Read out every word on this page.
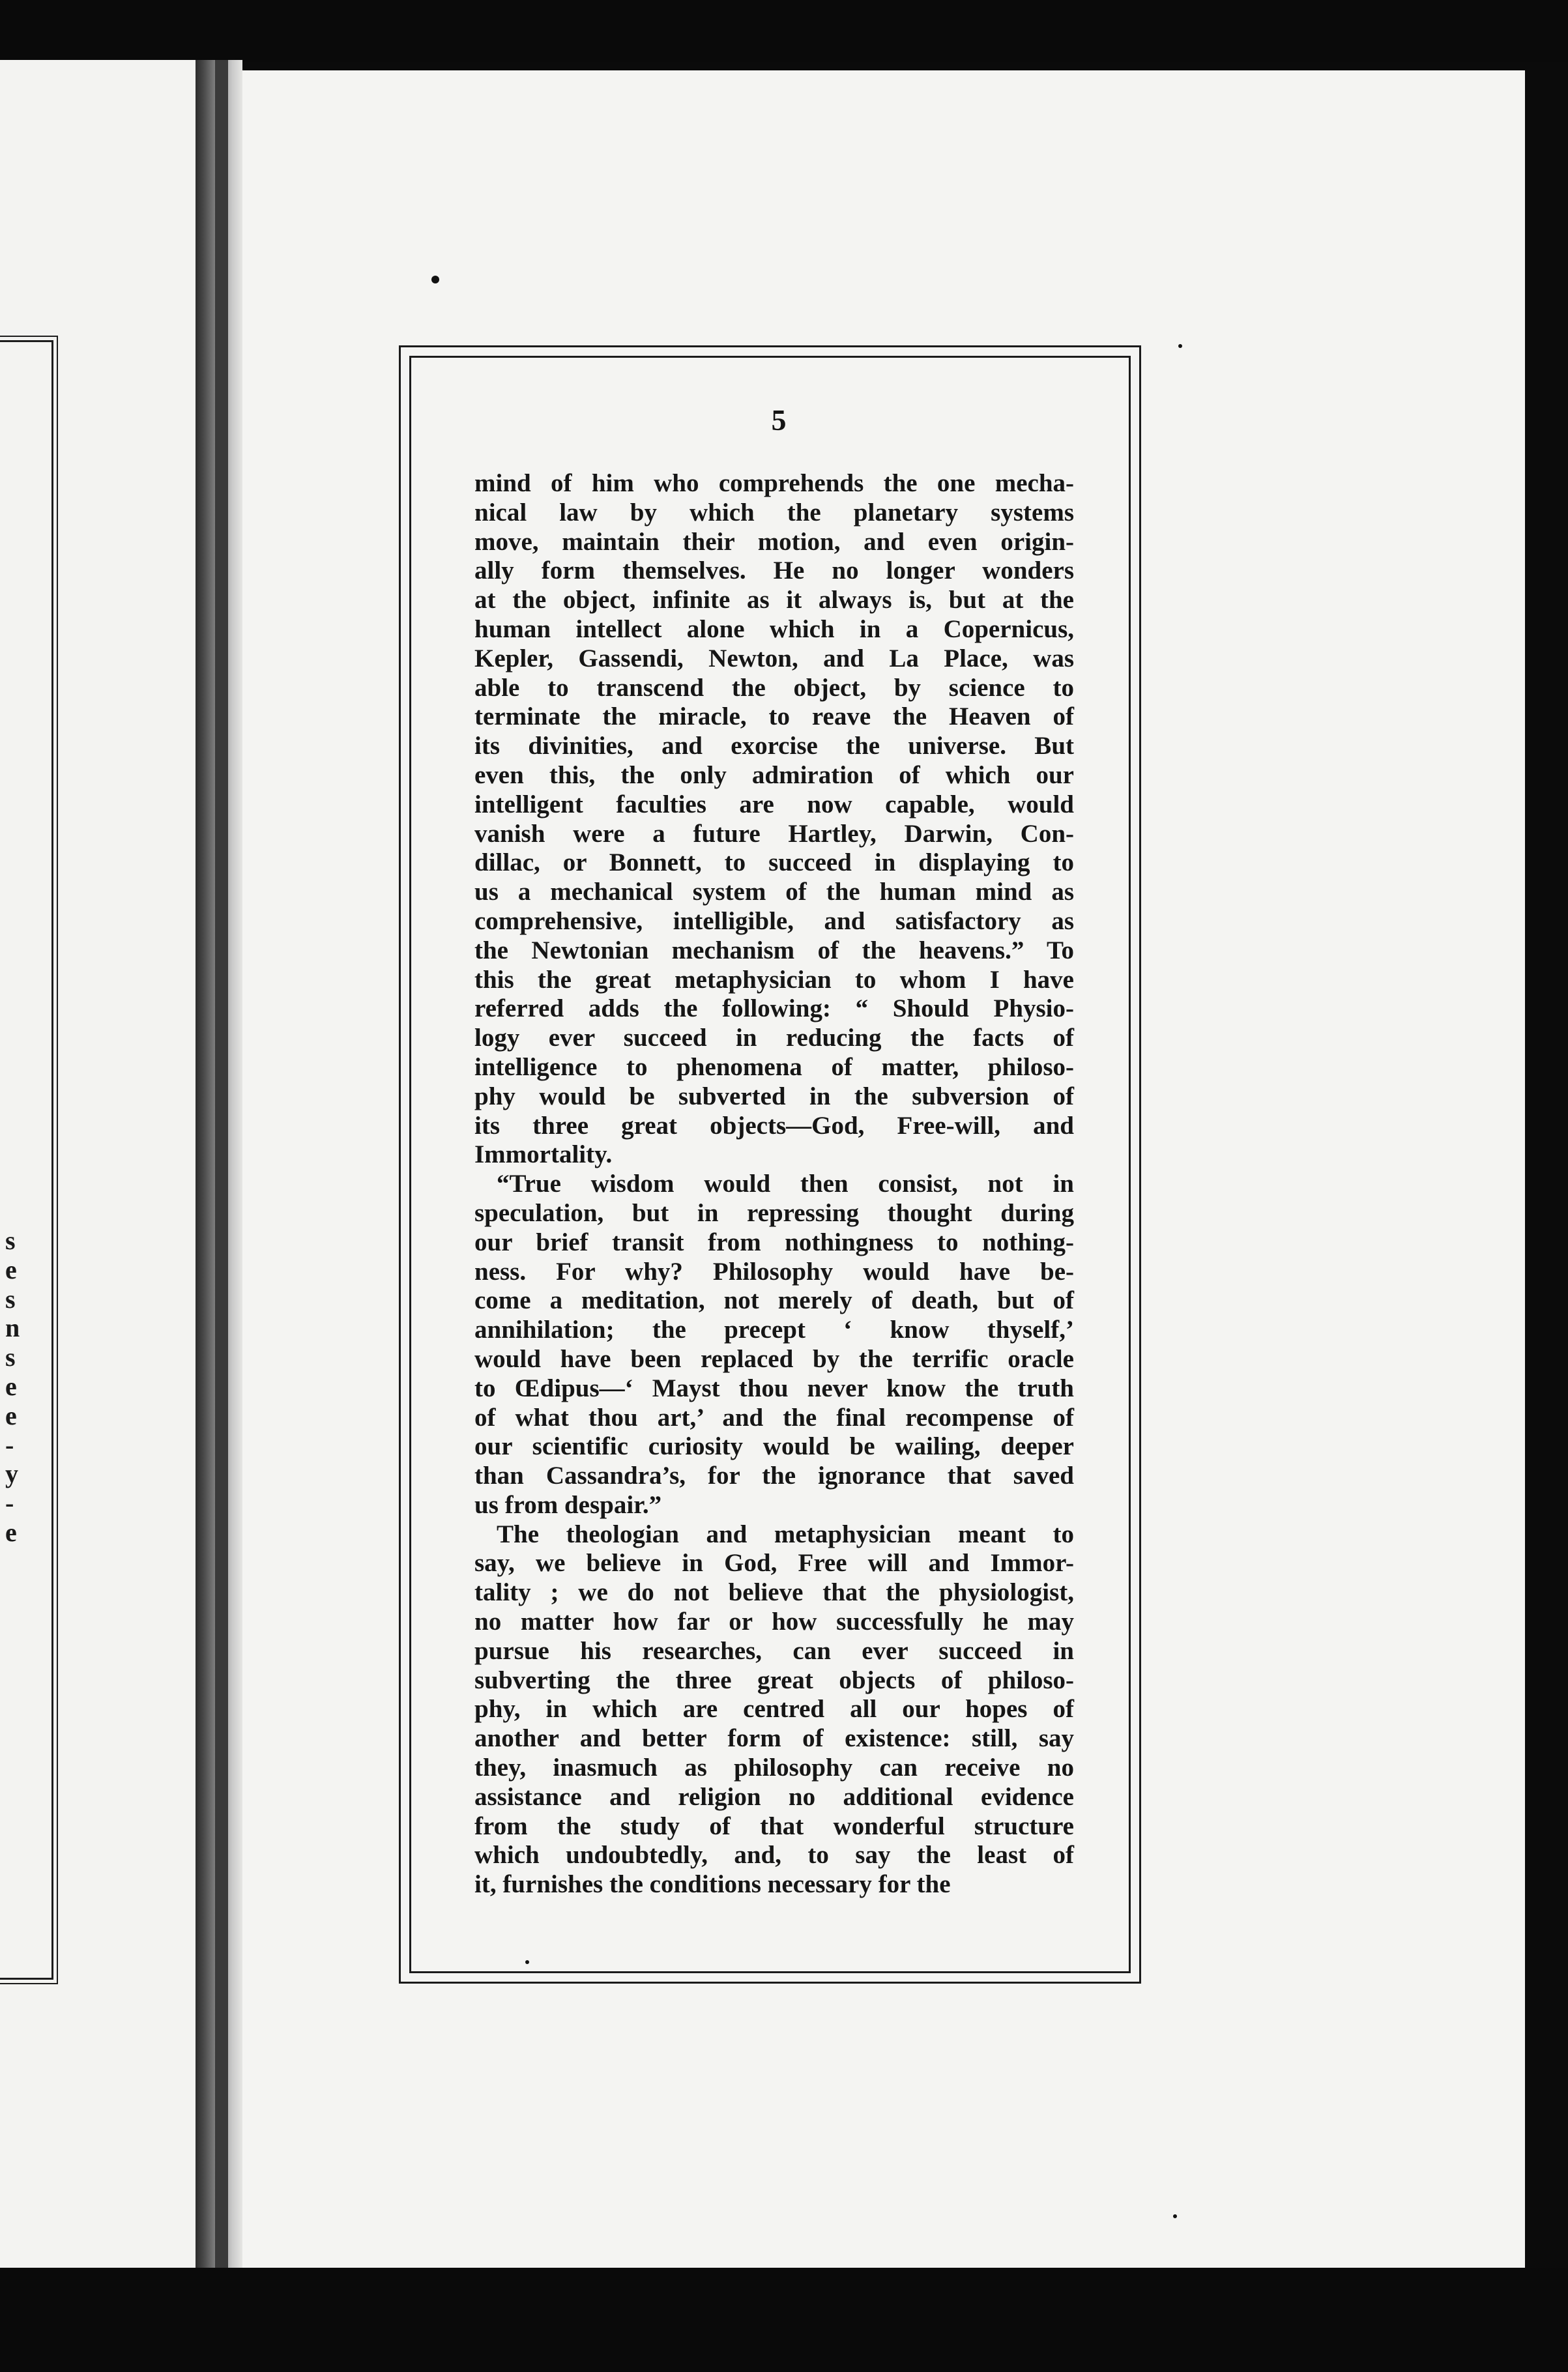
s
e
s
n
s
e
e
-
y
-
e

5

mind of him who comprehends the one mecha-
nical law by which the planetary systems
move, maintain their motion, and even origin-
ally form themselves. He no longer wonders
at the object, infinite as it always is, but at the
human intellect alone which in a Copernicus,
Kepler, Gassendi, Newton, and La Place, was
able to transcend the object, by science to
terminate the miracle, to reave the Heaven of
its divinities, and exorcise the universe. But
even this, the only admiration of which our
intelligent faculties are now capable, would
vanish were a future Hartley, Darwin, Con-
dillac, or Bonnett, to succeed in displaying to
us a mechanical system of the human mind as
comprehensive, intelligible, and satisfactory as
the Newtonian mechanism of the heavens.” To
this the great metaphysician to whom I have
referred adds the following: “ Should Physio-
logy ever succeed in reducing the facts of
intelligence to phenomena of matter, philoso-
phy would be subverted in the subversion of
its three great objects—God, Free-will, and
Immortality.
“True wisdom would then consist, not in
speculation, but in repressing thought during
our brief transit from nothingness to nothing-
ness. For why? Philosophy would have be-
come a meditation, not merely of death, but of
annihilation; the precept ‘ know thyself,’
would have been replaced by the terrific oracle
to Œdipus—‘ Mayst thou never know the truth
of what thou art,’ and the final recompense of
our scientific curiosity would be wailing, deeper
than Cassandra’s, for the ignorance that saved
us from despair.”
The theologian and metaphysician meant to
say, we believe in God, Free will and Immor-
tality ; we do not believe that the physiologist,
no matter how far or how successfully he may
pursue his researches, can ever succeed in
subverting the three great objects of philoso-
phy, in which are centred all our hopes of
another and better form of existence: still, say
they, inasmuch as philosophy can receive no
assistance and religion no additional evidence
from the study of that wonderful structure
which undoubtedly, and, to say the least of
it, furnishes the conditions necessary for the
